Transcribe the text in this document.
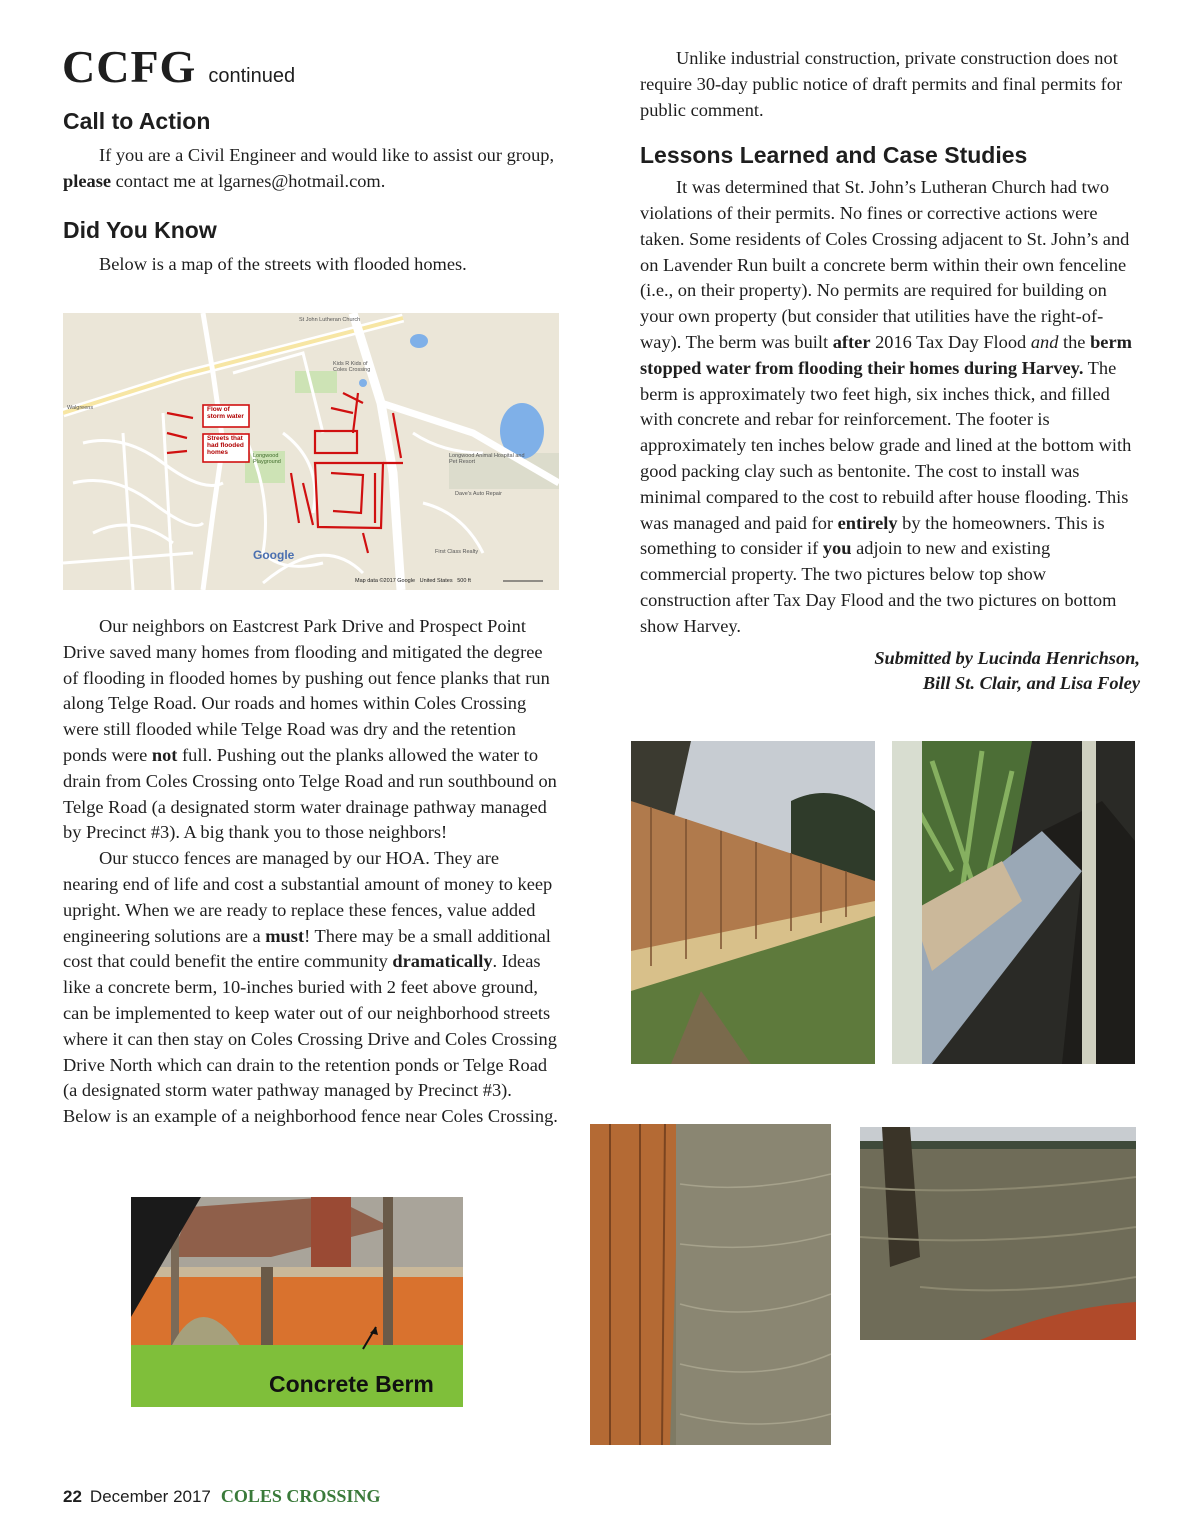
CCFG continued
Call to Action

If you are a Civil Engineer and would like to assist our group, please contact me at lgarnes@hotmail.com.

Did You Know

Below is a map of the streets with flooded homes.

Flow of storm water
Streets that had flooded homes
St John Lutheran Church
Kids R Kids of Coles Crossing
Walgreens
Longwood Playground
Longwood Animal Hospital and Pet Resort
Dave's Auto Repair
First Class Realty
Google
Map data ©2017 Google   United States   500 ft

Our neighbors on Eastcrest Park Drive and Prospect Point Drive saved many homes from flooding and mitigated the degree of flooding in flooded homes by pushing out fence planks that run along Telge Road. Our roads and homes within Coles Crossing were still flooded while Telge Road was dry and the retention ponds were not full. Pushing out the planks allowed the water to drain from Coles Crossing onto Telge Road and run southbound on Telge Road (a designated storm water drainage pathway managed by Precinct #3). A big thank you to those neighbors!

Our stucco fences are managed by our HOA. They are nearing end of life and cost a substantial amount of money to keep upright. When we are ready to replace these fences, value added engineering solutions are a must! There may be a small additional cost that could benefit the entire community dramatically. Ideas like a concrete berm, 10-inches buried with 2 feet above ground, can be implemented to keep water out of our neighborhood streets where it can then stay on Coles Crossing Drive and Coles Crossing Drive North which can drain to the retention ponds or Telge Road (a designated storm water pathway managed by Precinct #3). Below is an example of a neighborhood fence near Coles Crossing.

Concrete Berm

Unlike industrial construction, private construction does not require 30-day public notice of draft permits and final permits for public comment.

Lessons Learned and Case Studies

It was determined that St. John’s Lutheran Church had two violations of their permits. No fines or corrective actions were taken. Some residents of Coles Crossing adjacent to St. John’s and on Lavender Run built a concrete berm within their own fenceline (i.e., on their property). No permits are required for building on your own property (but consider that utilities have the right-of-way). The berm was built after 2016 Tax Day Flood and the berm stopped water from flooding their homes during Harvey. The berm is approximately two feet high, six inches thick, and filled with concrete and rebar for reinforcement. The footer is approximately ten inches below grade and lined at the bottom with good packing clay such as bentonite. The cost to install was minimal compared to the cost to rebuild after house flooding. This was managed and paid for entirely by the homeowners. This is something to consider if you adjoin to new and existing commercial property. The two pictures below top show construction after Tax Day Flood and the two pictures on bottom show Harvey.

Submitted by Lucinda Henrichson,
Bill St. Clair, and Lisa Foley
22 December 2017 COLES CROSSING
